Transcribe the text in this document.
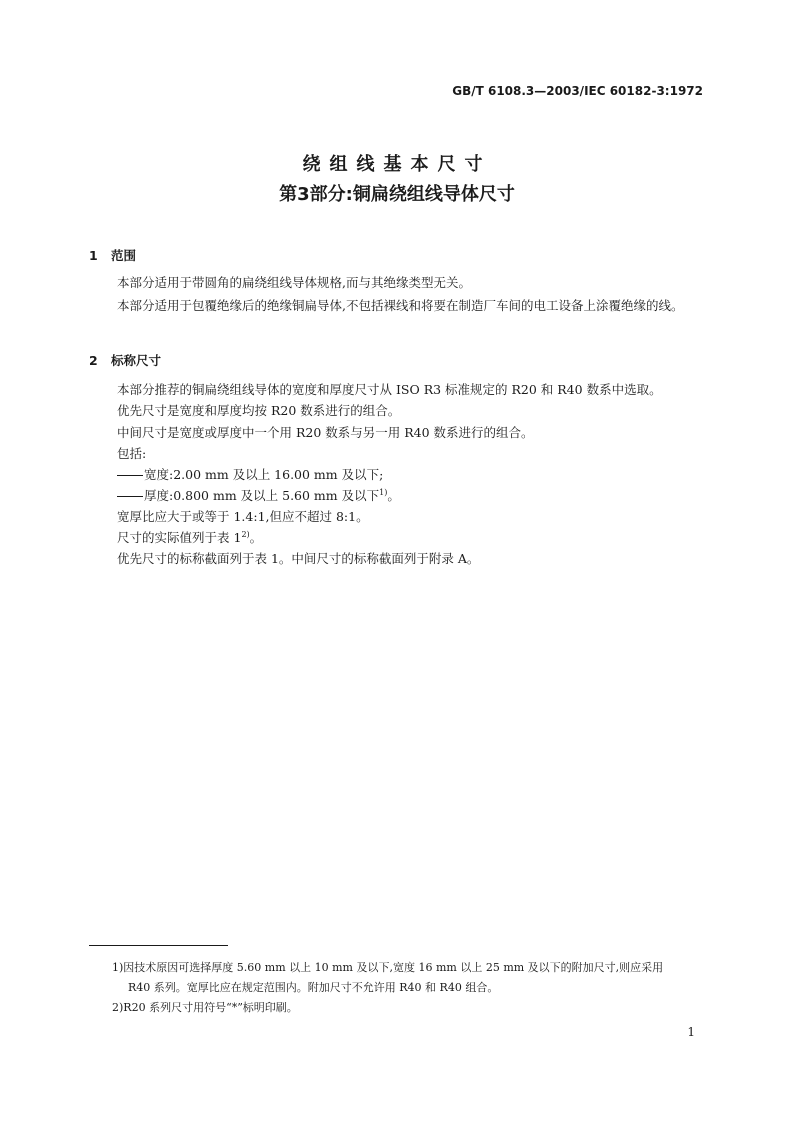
GB/T 6108.3—2003/IEC 60182-3:1972
绕组线基本尺寸
第3部分:铜扁绕组线导体尺寸
1 范围
本部分适用于带圆角的扁绕组线导体规格,而与其绝缘类型无关。
本部分适用于包覆绝缘后的绝缘铜扁导体,不包括裸线和将要在制造厂车间的电工设备上涂覆绝缘的线。
2 标称尺寸
本部分推荐的铜扁绕组线导体的宽度和厚度尺寸从 ISO R3 标准规定的 R20 和 R40 数系中选取。
优先尺寸是宽度和厚度均按 R20 数系进行的组合。
中间尺寸是宽度或厚度中一个用 R20 数系与另一用 R40 数系进行的组合。
包括:
宽度:2.00 mm 及以上 16.00 mm 及以下;
厚度:0.800 mm 及以上 5.60 mm 及以下$^{1)}$。
宽厚比应大于或等于 1.4:1,但应不超过 8:1。
尺寸的实际值列于表 1$^{2)}$。
优先尺寸的标称截面列于表 1。中间尺寸的标称截面列于附录 A。
1)因技术原因可选择厚度 5.60 mm 以上 10 mm 及以下,宽度 16 mm 以上 25 mm 及以下的附加尺寸,则应采用
R40 系列。宽厚比应在规定范围内。附加尺寸不允许用 R40 和 R40 组合。
2)R20 系列尺寸用符号“*”标明印刷。
1
